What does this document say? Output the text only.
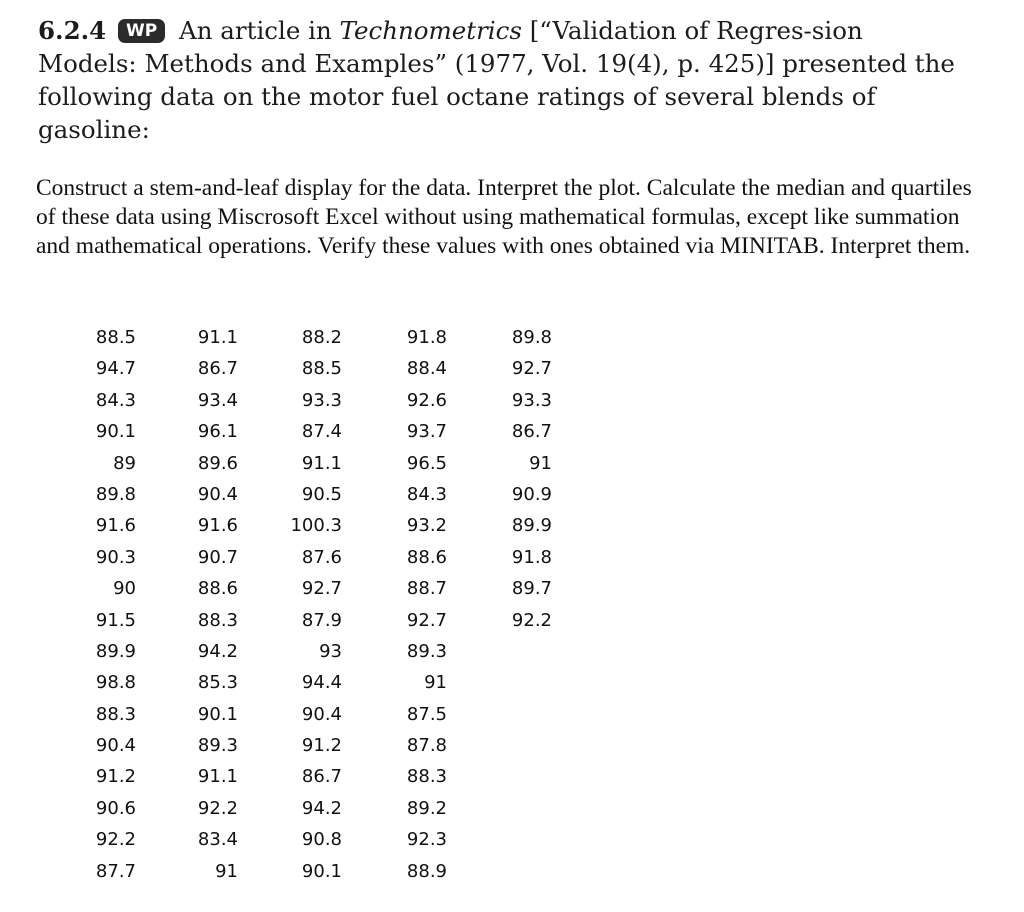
6.2.4 WP An article in Technometrics [“Validation of Regres-sion Models: Methods and Examples” (1977, Vol. 19(4), p. 425)] presented the following data on the motor fuel octane ratings of several blends of gasoline:
Construct a stem-and-leaf display for the data. Interpret the plot. Calculate the median and quartiles of these data using Miscrosoft Excel without using mathematical formulas, except like summation and mathematical operations. Verify these values with ones obtained via MINITAB. Interpret them.
88.5
94.7
84.3
90.1
89
89.8
91.6
90.3
90
91.5
89.9
98.8
88.3
90.4
91.2
90.6
92.2
87.7
91.1
86.7
93.4
96.1
89.6
90.4
91.6
90.7
88.6
88.3
94.2
85.3
90.1
89.3
91.1
92.2
83.4
91
88.2
88.5
93.3
87.4
91.1
90.5
100.3
87.6
92.7
87.9
93
94.4
90.4
91.2
86.7
94.2
90.8
90.1
91.8
88.4
92.6
93.7
96.5
84.3
93.2
88.6
88.7
92.7
89.3
91
87.5
87.8
88.3
89.2
92.3
88.9
89.8
92.7
93.3
86.7
91
90.9
89.9
91.8
89.7
92.2
